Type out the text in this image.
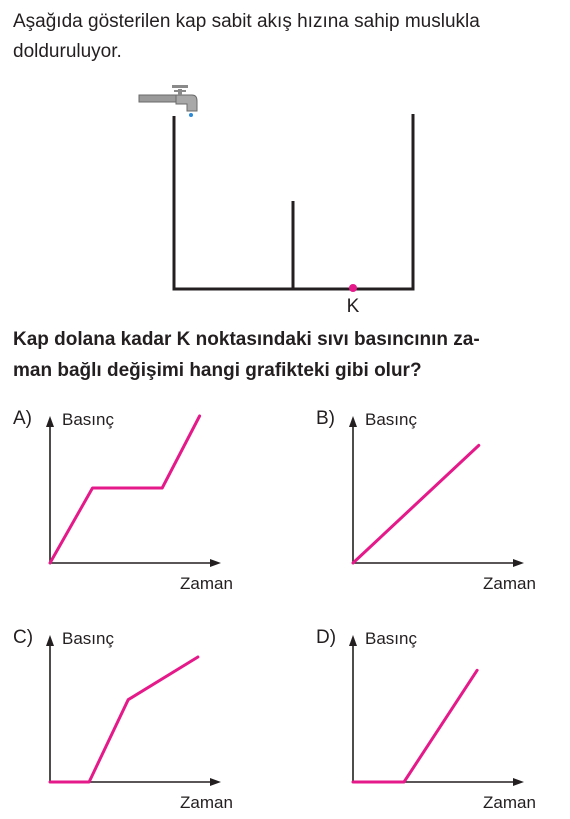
Aşağıda gösterilen kap sabit akış hızına sahip muslukla
dolduruluyor.

K
A) Basınç
Zaman
B) Basınç
Zaman
C) Basınç
Zaman
D) Basınç
Zaman

Kap dolana kadar K noktasındaki sıvı basıncının za-
man bağlı değişimi hangi grafikteki gibi olur?
